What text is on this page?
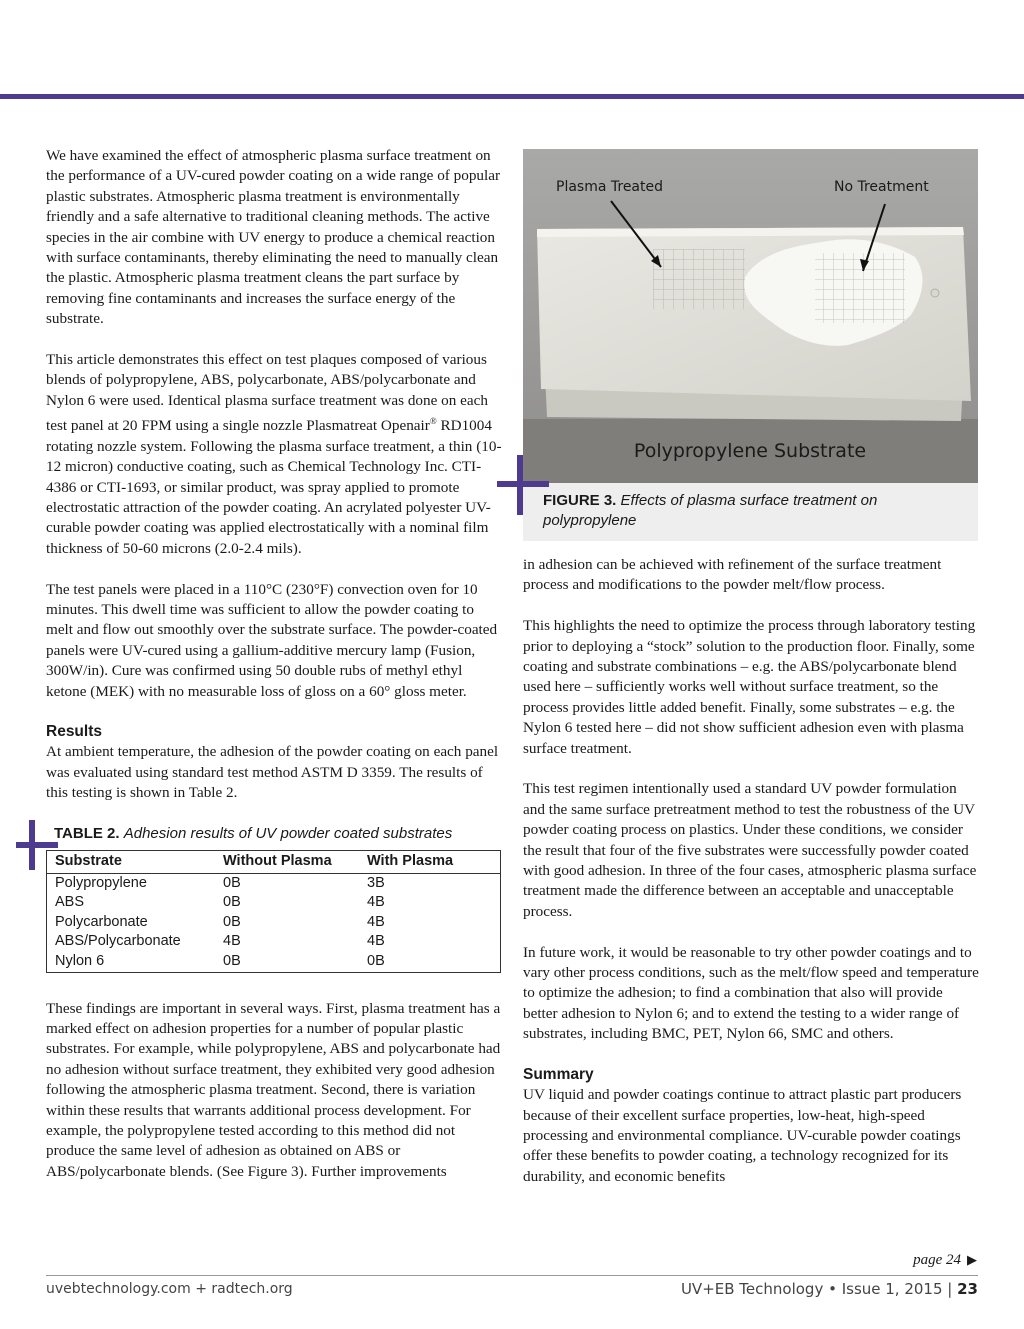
We have examined the effect of atmospheric plasma surface treatment on the performance of a UV-cured powder coating on a wide range of popular plastic substrates. Atmospheric plasma treatment is environmentally friendly and a safe alternative to traditional cleaning methods. The active species in the air combine with UV energy to produce a chemical reaction with surface contaminants, thereby eliminating the need to manually clean the plastic. Atmospheric plasma treatment cleans the part surface by removing fine contaminants and increases the surface energy of the substrate.

This article demonstrates this effect on test plaques composed of various blends of polypropylene, ABS, polycarbonate, ABS/polycarbonate and Nylon 6 were used. Identical plasma surface treatment was done on each test panel at 20 FPM using a single nozzle Plasmatreat Openair® RD1004 rotating nozzle system. Following the plasma surface treatment, a thin (10-12 micron) conductive coating, such as Chemical Technology Inc. CTI-4386 or CTI-1693, or similar product, was spray applied to promote electrostatic attraction of the powder coating. An acrylated polyester UV-curable powder coating was applied electrostatically with a nominal film thickness of 50-60 microns (2.0-2.4 mils).

The test panels were placed in a 110°C (230°F) convection oven for 10 minutes. This dwell time was sufficient to allow the powder coating to melt and flow out smoothly over the substrate surface. The powder-coated panels were UV-cured using a gallium-additive mercury lamp (Fusion, 300W/in). Cure was confirmed using 50 double rubs of methyl ethyl ketone (MEK) with no measurable loss of gloss on a 60° gloss meter.

Results

At ambient temperature, the adhesion of the powder coating on each panel was evaluated using standard test method ASTM D 3359. The results of this testing is shown in Table 2.

TABLE 2. Adhesion results of UV powder coated substrates
Substrate	Without Plasma	With Plasma
Polypropylene	0B	3B
ABS	0B	4B
Polycarbonate	0B	4B
ABS/Polycarbonate	4B	4B
Nylon 6	0B	0B

These findings are important in several ways. First, plasma treatment has a marked effect on adhesion properties for a number of popular plastic substrates. For example, while polypropylene, ABS and polycarbonate had no adhesion without surface treatment, they exhibited very good adhesion following the atmospheric plasma treatment. Second, there is variation within these results that warrants additional process development. For example, the polypropylene tested according to this method did not produce the same level of adhesion as obtained on ABS or ABS/polycarbonate blends. (See Figure 3). Further improvements

Plasma Treated	No Treatment
Polypropylene Substrate
FIGURE 3. Effects of plasma surface treatment on polypropylene

in adhesion can be achieved with refinement of the surface treatment process and modifications to the powder melt/flow process.

This highlights the need to optimize the process through laboratory testing prior to deploying a “stock” solution to the production floor. Finally, some coating and substrate combinations – e.g. the ABS/polycarbonate blend used here – sufficiently works well without surface treatment, so the process provides little added benefit. Finally, some substrates – e.g. the Nylon 6 tested here – did not show sufficient adhesion even with plasma surface treatment.

This test regimen intentionally used a standard UV powder formulation and the same surface pretreatment method to test the robustness of the UV powder coating process on plastics. Under these conditions, we consider the result that four of the five substrates were successfully powder coated with good adhesion. In three of the four cases, atmospheric plasma surface treatment made the difference between an acceptable and unacceptable process.

In future work, it would be reasonable to try other powder coatings and to vary other process conditions, such as the melt/flow speed and temperature to optimize the adhesion; to find a combination that also will provide better adhesion to Nylon 6; and to extend the testing to a wider range of substrates, including BMC, PET, Nylon 66, SMC and others.

Summary

UV liquid and powder coatings continue to attract plastic part producers because of their excellent surface properties, low-heat, high-speed processing and environmental compliance. UV-curable powder coatings offer these benefits to powder coating, a technology recognized for its durability, and economic benefits

page 24 ▶
uvebtechnology.com + radtech.org	UV+EB Technology • Issue 1, 2015 | 23
